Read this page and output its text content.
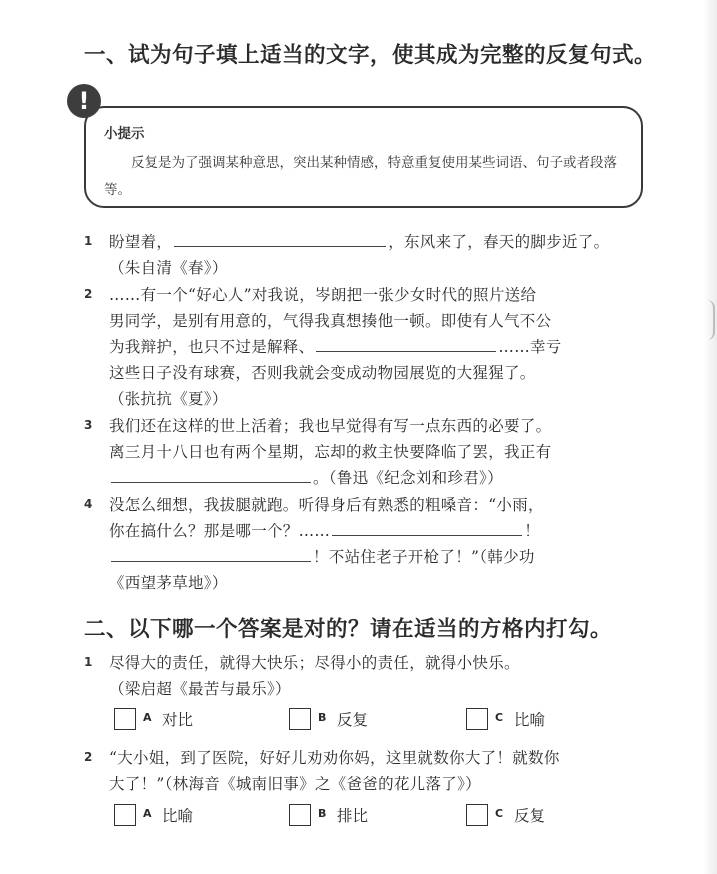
一、试为句子填上适当的文字，使其成为完整的反复句式。
!
小提示
反复是为了强调某种意思，突出某种情感，特意重复使用某些词语、句子或者段落等。
1 盼望着，	，东风来了，春天的脚步近了。
（朱自清《春》）
2 ……有一个“好心人”对我说，岑朗把一张少女时代的照片送给
男同学，是别有用意的，气得我真想揍他一顿。即使有人气不公
为我辩护，也只不过是解释、	……幸亏
这些日子没有球赛，否则我就会变成动物园展览的大猩猩了。
（张抗抗《夏》）
3 我们还在这样的世上活着；我也早觉得有写一点东西的必要了。
离三月十八日也有两个星期，忘却的救主快要降临了罢，我正有
。（鲁迅《纪念刘和珍君》）
4 没怎么细想，我拔腿就跑。听得身后有熟悉的粗嗓音：“小雨，
你在搞什么？那是哪一个？……	！
！不站住老子开枪了！”（韩少功
《西望茅草地》）
二、以下哪一个答案是对的？请在适当的方格内打勾。
1 尽得大的责任，就得大快乐；尽得小的责任，就得小快乐。
（梁启超《最苦与最乐》）
A 对比	B 反复	C 比喻
2 “大小姐，到了医院，好好儿劝劝你妈，这里就数你大了！就数你
大了！”（林海音《城南旧事》之《爸爸的花儿落了》）
A 比喻	B 排比	C 反复
